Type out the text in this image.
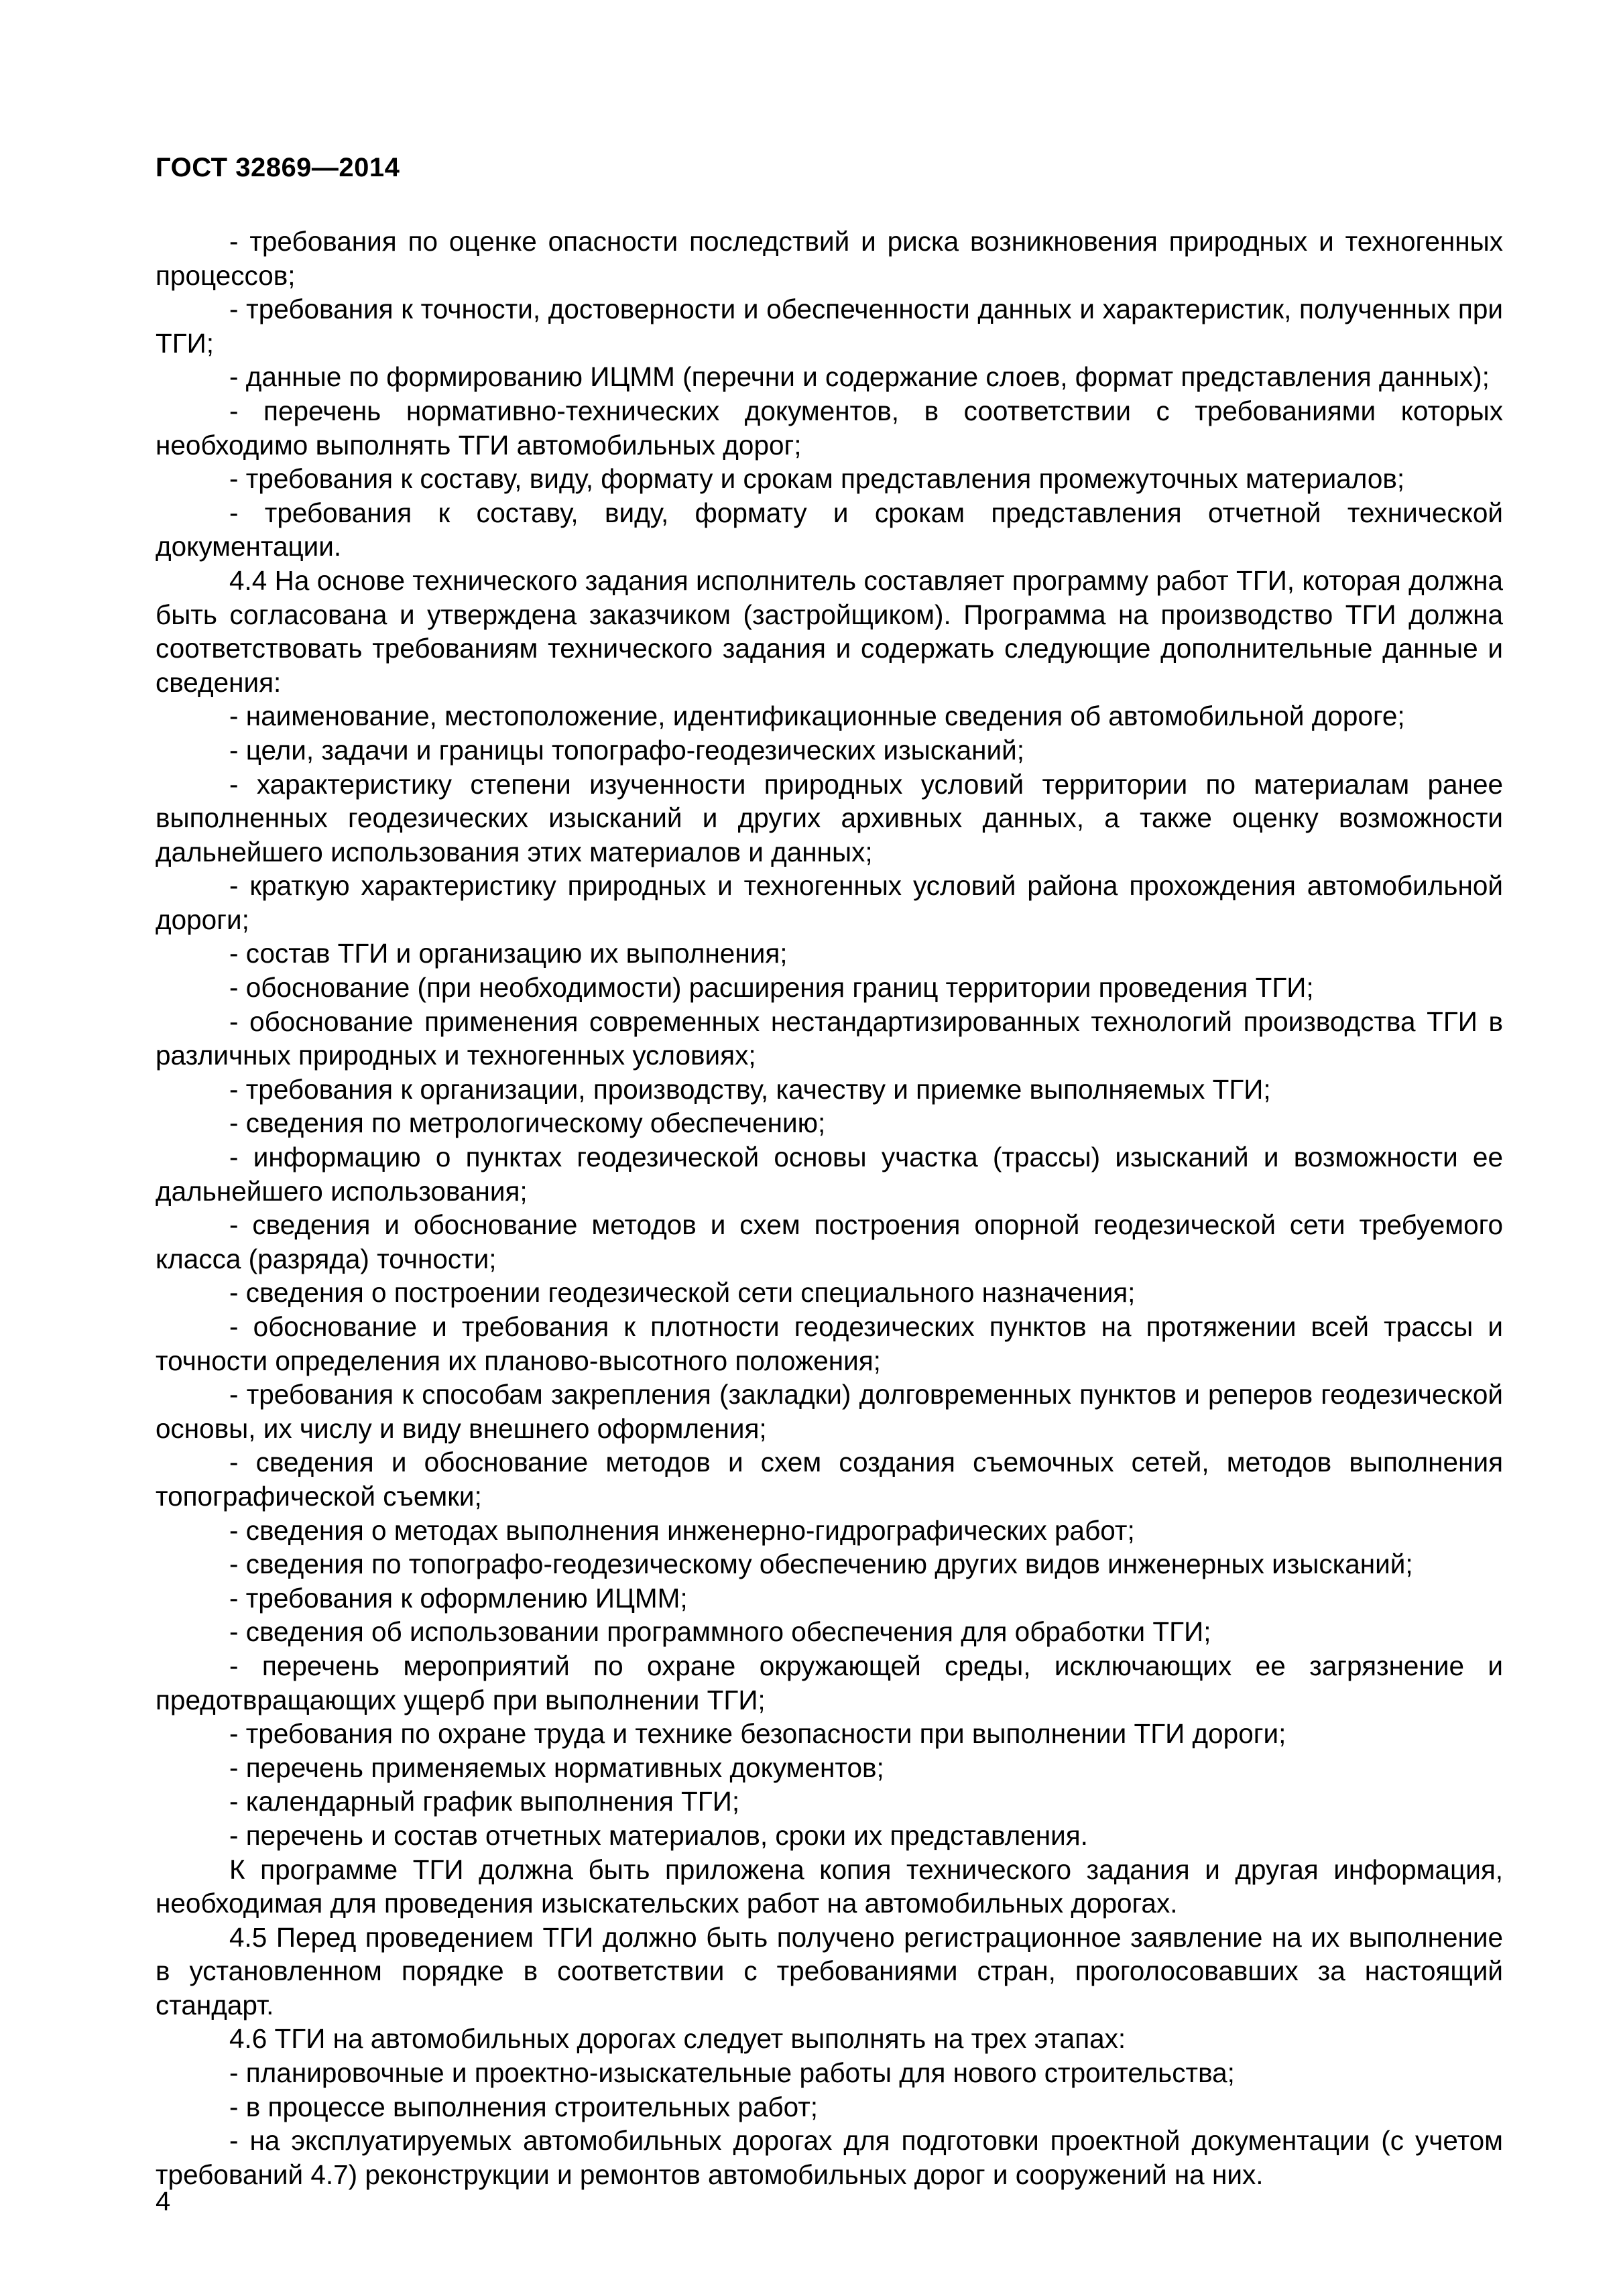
ГОСТ 32869—2014

- требования по оценке опасности последствий и риска возникновения природных и техногенных процессов;

- требования к точности, достоверности и обеспеченности данных и характеристик, полученных при ТГИ;

- данные по формированию ИЦММ (перечни и содержание слоев, формат представления данных);

- перечень нормативно-технических документов, в соответствии с требованиями которых необходимо выполнять ТГИ автомобильных дорог;

- требования к составу, виду, формату и срокам представления промежуточных материалов;

- требования к составу, виду, формату и срокам представления отчетной технической документации.

4.4 На основе технического задания исполнитель составляет программу работ ТГИ, которая должна быть согласована и утверждена заказчиком (застройщиком). Программа на производство ТГИ должна соответствовать требованиям технического задания и содержать следующие дополнительные данные и сведения:

- наименование, местоположение, идентификационные сведения об автомобильной дороге;

- цели, задачи и границы топографо-геодезических изысканий;

- характеристику степени изученности природных условий территории по материалам ранее выполненных геодезических изысканий и других архивных данных, а также оценку возможности дальнейшего использования этих материалов и данных;

- краткую характеристику природных и техногенных условий района прохождения автомобильной дороги;

- состав ТГИ и организацию их выполнения;

- обоснование (при необходимости) расширения границ территории проведения ТГИ;

- обоснование применения современных нестандартизированных технологий производства ТГИ в различных природных и техногенных условиях;

- требования к организации, производству, качеству и приемке выполняемых ТГИ;

- сведения по метрологическому обеспечению;

- информацию о пунктах геодезической основы участка (трассы) изысканий и возможности ее дальнейшего использования;

- сведения и обоснование методов и схем построения опорной геодезической сети требуемого класса (разряда) точности;

- сведения о построении геодезической сети специального назначения;

- обоснование и требования к плотности геодезических пунктов на протяжении всей трассы и точности определения их планово-высотного положения;

- требования к способам закрепления (закладки) долговременных пунктов и реперов геодезической основы, их числу и виду внешнего оформления;

- сведения и обоснование методов и схем создания съемочных сетей, методов выполнения топографической съемки;

- сведения о методах выполнения инженерно-гидрографических работ;

- сведения по топографо-геодезическому обеспечению других видов инженерных изысканий;

- требования к оформлению ИЦММ;

- сведения об использовании программного обеспечения для обработки ТГИ;

- перечень мероприятий по охране окружающей среды, исключающих ее загрязнение и предотвращающих ущерб при выполнении ТГИ;

- требования по охране труда и технике безопасности при выполнении ТГИ дороги;

- перечень применяемых нормативных документов;

- календарный график выполнения ТГИ;

- перечень и состав отчетных материалов, сроки их представления.

К программе ТГИ должна быть приложена копия технического задания и другая информация, необходимая для проведения изыскательских работ на автомобильных дорогах.

4.5 Перед проведением ТГИ должно быть получено регистрационное заявление на их выполнение в установленном порядке в соответствии с требованиями стран, проголосовавших за настоящий стандарт.

4.6 ТГИ на автомобильных дорогах следует выполнять на трех этапах:

- планировочные и проектно-изыскательные работы для нового строительства;

- в процессе выполнения строительных работ;

- на эксплуатируемых автомобильных дорогах для подготовки проектной документации (с учетом требований 4.7) реконструкции и ремонтов автомобильных дорог и сооружений на них.

4
